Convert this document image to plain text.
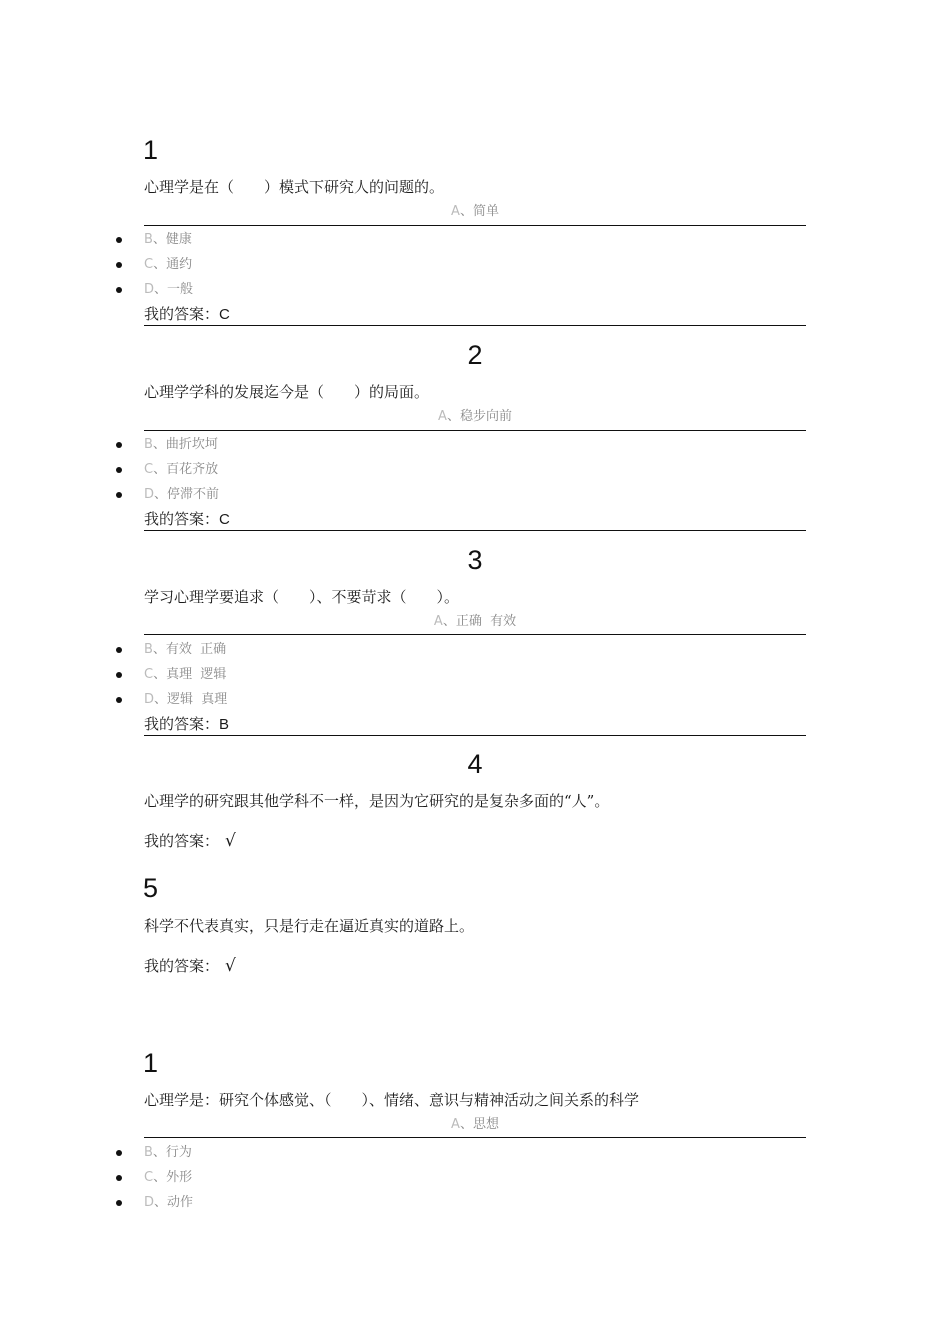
1
心理学是在（　　）模式下研究人的问题的。
A、简单
B、健康
C、通约
D、一般
我的答案：C
2
心理学学科的发展迄今是（　　）的局面。
A、稳步向前
B、曲折坎坷
C、百花齐放
D、停滞不前
我的答案：C
3
学习心理学要追求（　　）、不要苛求（　　）。
A、正确  有效
B、有效  正确
C、真理  逻辑
D、逻辑  真理
我的答案：B
4
心理学的研究跟其他学科不一样，是因为它研究的是复杂多面的“人”。
我的答案： √
5
科学不代表真实，只是行走在逼近真实的道路上。
我的答案： √
1
心理学是：研究个体感觉、（　　）、情绪、意识与精神活动之间关系的科学
A、思想
B、行为
C、外形
D、动作
